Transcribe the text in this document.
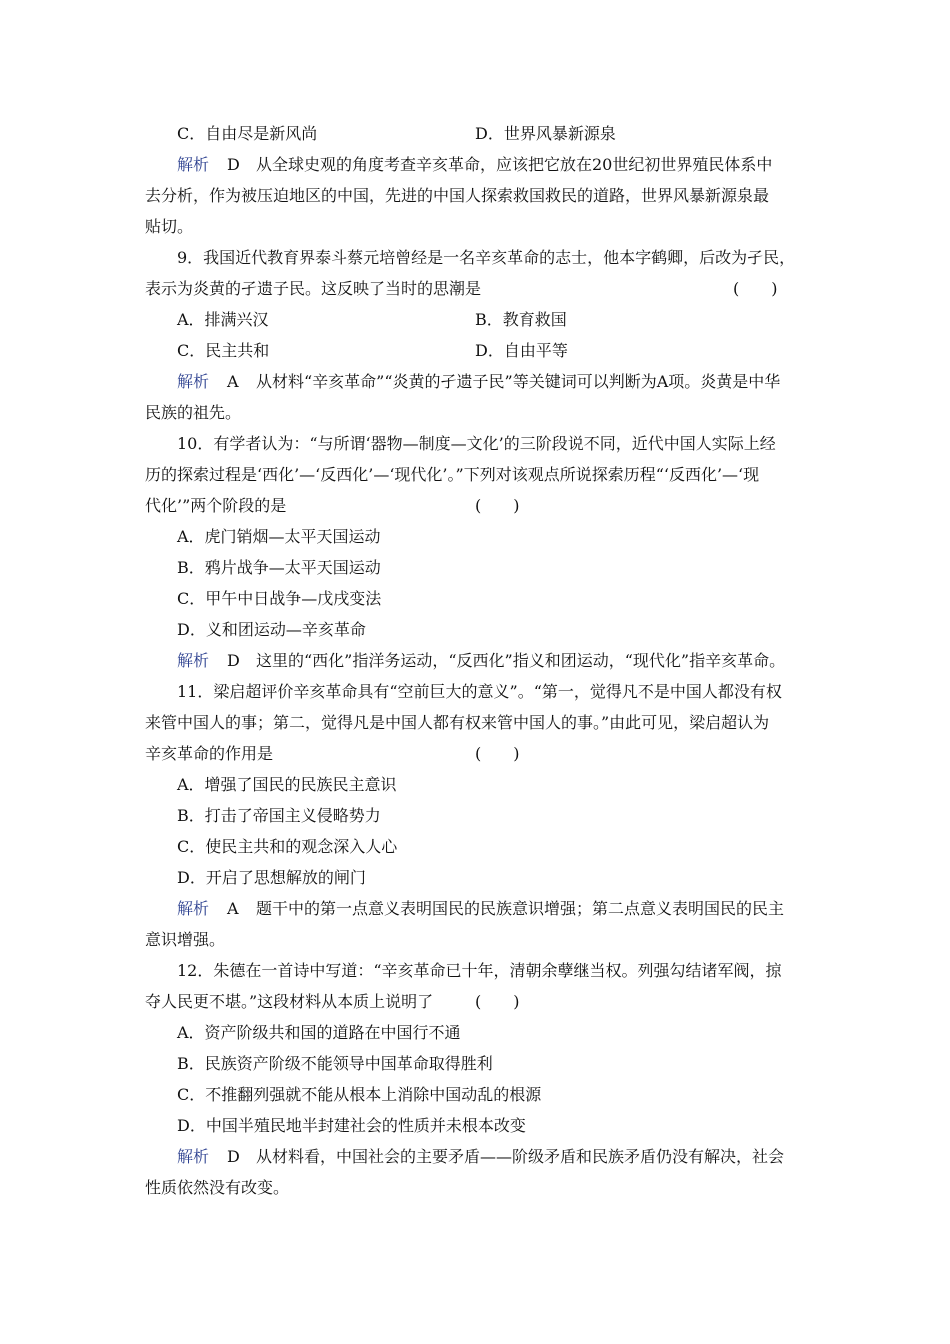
C．自由尽是新风尚	D．世界风暴新源泉
解析 D 从全球史观的角度考查辛亥革命，应该把它放在20世纪初世界殖民体系中
去分析，作为被压迫地区的中国，先进的中国人探索救国救民的道路，世界风暴新源泉最
贴切。
9．我国近代教育界泰斗蔡元培曾经是一名辛亥革命的志士，他本字鹤卿，后改为孑民，
表示为炎黄的孑遗子民。这反映了当时的思潮是	(　　)
A．排满兴汉	B．教育救国
C．民主共和	D．自由平等
解析 A 从材料“辛亥革命”“炎黄的孑遗子民”等关键词可以判断为A项。炎黄是中华
民族的祖先。
10．有学者认为：“与所谓‘器物—制度—文化’的三阶段说不同，近代中国人实际上经
历的探索过程是‘西化’—‘反西化’—‘现代化’。”下列对该观点所说探索历程“‘反西化’—‘现
代化’”两个阶段的是	(　　)
A．虎门销烟—太平天国运动
B．鸦片战争—太平天国运动
C．甲午中日战争—戊戌变法
D．义和团运动—辛亥革命
解析 D 这里的“西化”指洋务运动，“反西化”指义和团运动，“现代化”指辛亥革命。
11．梁启超评价辛亥革命具有“空前巨大的意义”。“第一，觉得凡不是中国人都没有权
来管中国人的事；第二，觉得凡是中国人都有权来管中国人的事。”由此可见，梁启超认为
辛亥革命的作用是	(　　)
A．增强了国民的民族民主意识
B．打击了帝国主义侵略势力
C．使民主共和的观念深入人心
D．开启了思想解放的闸门
解析 A 题干中的第一点意义表明国民的民族意识增强；第二点意义表明国民的民主
意识增强。
12．朱德在一首诗中写道：“辛亥革命已十年，清朝余孽继当权。列强勾结诸军阀，掠
夺人民更不堪。”这段材料从本质上说明了	(　　)
A．资产阶级共和国的道路在中国行不通
B．民族资产阶级不能领导中国革命取得胜利
C．不推翻列强就不能从根本上消除中国动乱的根源
D．中国半殖民地半封建社会的性质并未根本改变
解析 D 从材料看，中国社会的主要矛盾——阶级矛盾和民族矛盾仍没有解决，社会
性质依然没有改变。
